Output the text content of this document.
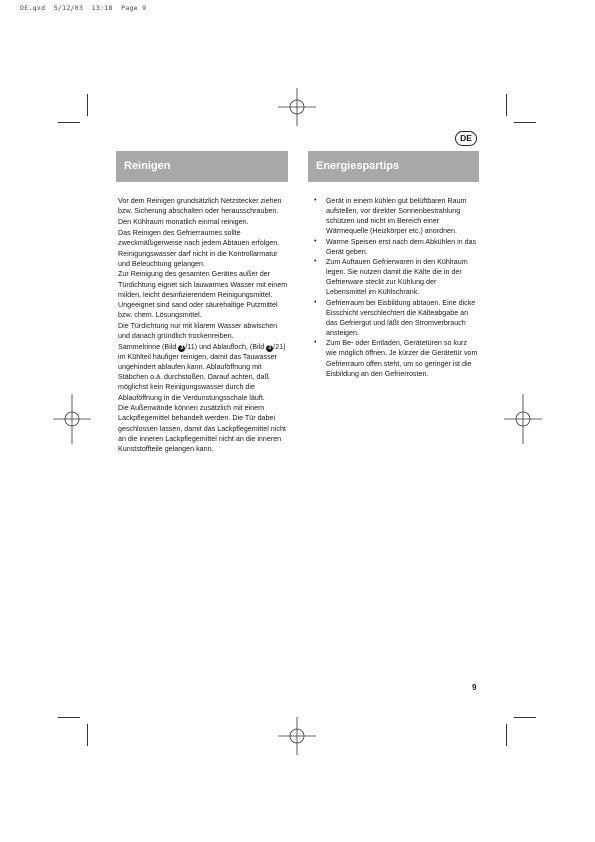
DE.qxd  5/12/03  13:18  Page 9
DE
Reinigen	Energiespartips

Vor dem Reinigen grundsätzlich Netzstecker ziehen bzw. Sicherung abschalten oder herausschrauben.

Den Kühlraum monatlich einmal reinigen.

Das Reinigen des Gefrierraumes sollte zweckmäßigerweise nach jedem Abtauen erfolgen.

Reinigungswasser darf nicht in die Kontrollarmatur und Beleuchtung gelangen.

Zur Reinigung des gesamten Gerätes außer der Türdichtung eignet sich lauwarmes Wasser mit einem milden, leicht desinfizierendem Reinigungsmittel. Ungeeignet sind sand oder säurehaltige Putzmittel bzw. chem. Lösungsmittel.

Die Türdichtung nur mit klarem Wasser abwischen und danach gründlich trockenreiben.

Sammelrinne (Bild 3 /11) und Ablaufloch, (Bild 3 /21) im Kühlteil häufiger reinigen, damit das Tauwasser ungehindert ablaufen kann. Ablauföffnung mit Stäbchen o.ä. durchstoßen. Darauf achten, daß möglichst kein Reinigungswasser durch die Ablauföffnung in die Verdunstungsschale läuft.

Die Außenwände können zusätzlich mit einem Lackpflegemittel behandelt werden. Die Tür dabei geschlossen lassen, damit das Lackpflegemittel nicht an die inneren Lackpflegemittel nicht an die inneren Kunststoffteile gelangen kann.

• Gerät in einem kühlen gut belüftbaren Raum aufstellen, vor direkter Sonnenbestrahlung schützen und nicht im Bereich einer Wärmequelle (Heizkörper etc.) anordnen.
• Warme Speisen erst nach dem Abkühlen in das Gerät geben.
• Zum Auftauen Gefrierwaren in den Kühlraum legen. Sie nutzen damit die Kälte die in der Gefrierware steckt zur Kühlung der Lebensmittel im Kühlschrank.
• Gefrierraum bei Eisbildung abtauen. Eine dicke Eisschicht verschlechtert die Kälteabgabe an das Gefriergut und läßt den Stromverbrauch ansteigen.
• Zum Be- oder Entladen, Gerätetüren so kurz wie möglich öffnen. Je kürzer die Gerätetür vom Gefrierraum offen steht, um so geringer ist die Eisbildung an den Gefrierrosten.
9
